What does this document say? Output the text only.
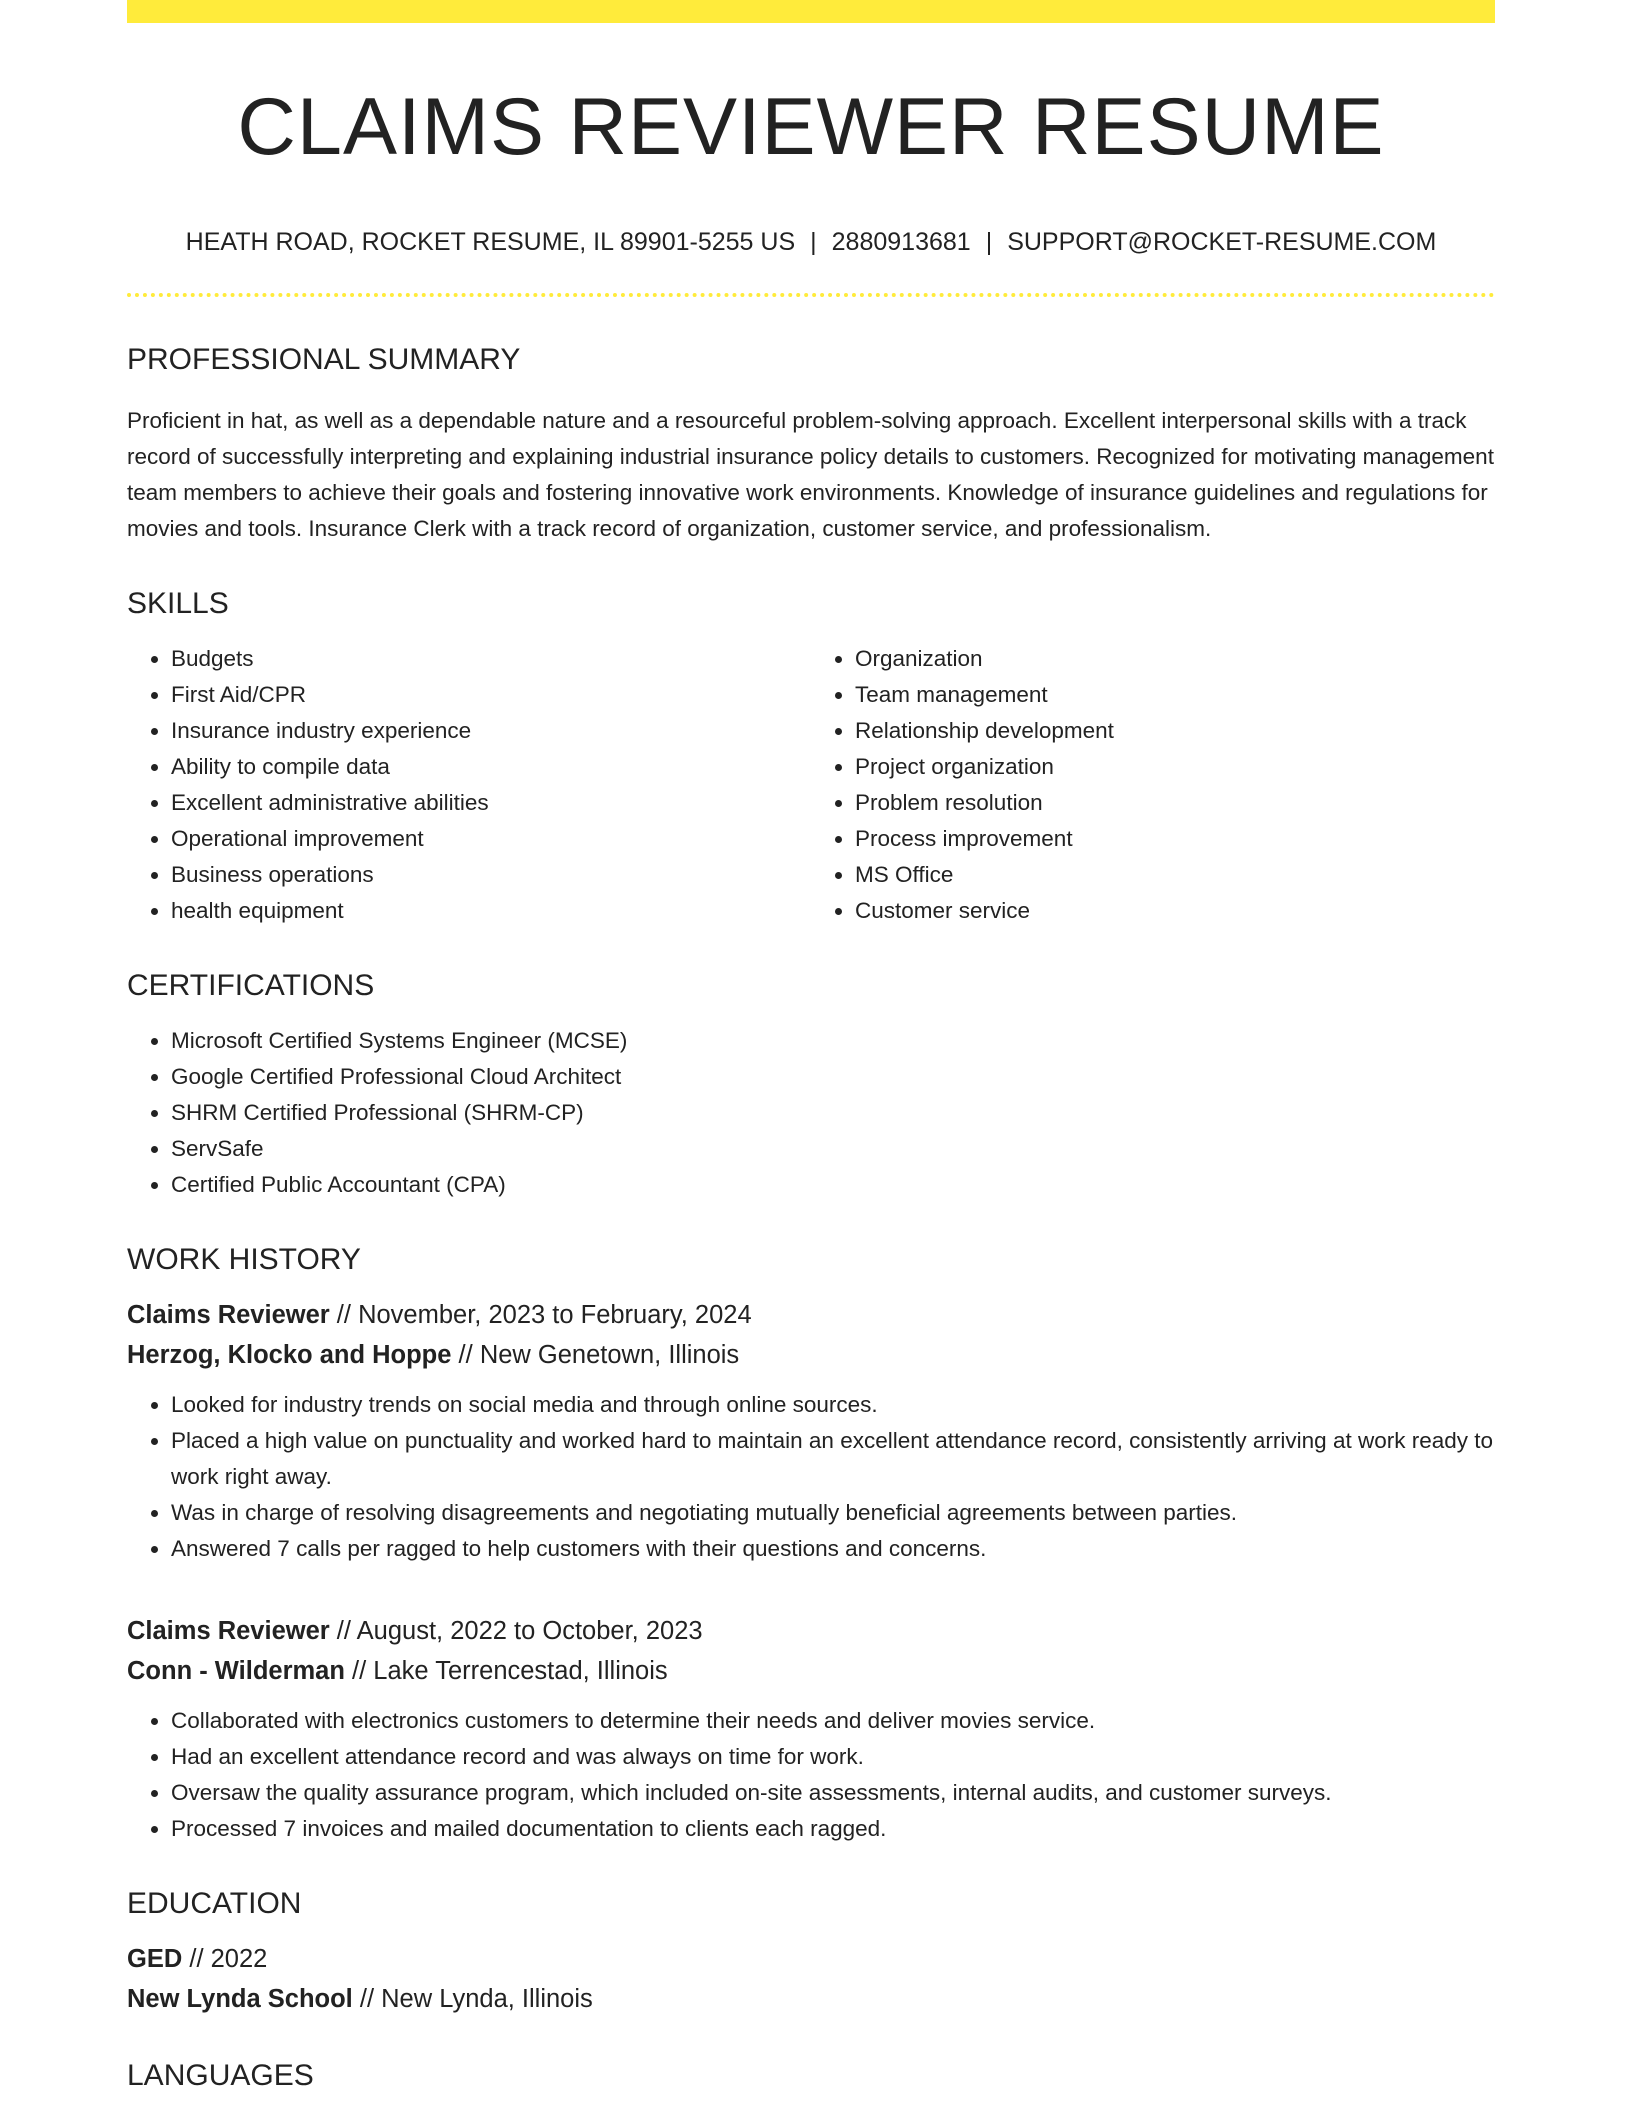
CLAIMS REVIEWER RESUME
HEATH ROAD, ROCKET RESUME, IL 89901-5255 US | 2880913681 | SUPPORT@ROCKET-RESUME.COM
PROFESSIONAL SUMMARY

Proficient in hat, as well as a dependable nature and a resourceful problem-solving approach. Excellent interpersonal skills with a track record of successfully interpreting and explaining industrial insurance policy details to customers. Recognized for motivating management team members to achieve their goals and fostering innovative work environments. Knowledge of insurance guidelines and regulations for movies and tools. Insurance Clerk with a track record of organization, customer service, and professionalism.

SKILLS
• Budgets
• First Aid/CPR
• Insurance industry experience
• Ability to compile data
• Excellent administrative abilities
• Operational improvement
• Business operations
• health equipment
• Organization
• Team management
• Relationship development
• Project organization
• Problem resolution
• Process improvement
• MS Office
• Customer service
CERTIFICATIONS
• Microsoft Certified Systems Engineer (MCSE)
• Google Certified Professional Cloud Architect
• SHRM Certified Professional (SHRM-CP)
• ServSafe
• Certified Public Accountant (CPA)
WORK HISTORY
Claims Reviewer // November, 2023 to February, 2024
Herzog, Klocko and Hoppe // New Genetown, Illinois
• Looked for industry trends on social media and through online sources.
• Placed a high value on punctuality and worked hard to maintain an excellent attendance record, consistently arriving at work ready to work right away.
• Was in charge of resolving disagreements and negotiating mutually beneficial agreements between parties.
• Answered 7 calls per ragged to help customers with their questions and concerns.
Claims Reviewer // August, 2022 to October, 2023
Conn - Wilderman // Lake Terrencestad, Illinois
• Collaborated with electronics customers to determine their needs and deliver movies service.
• Had an excellent attendance record and was always on time for work.
• Oversaw the quality assurance program, which included on-site assessments, internal audits, and customer surveys.
• Processed 7 invoices and mailed documentation to clients each ragged.
EDUCATION
GED // 2022
New Lynda School // New Lynda, Illinois
LANGUAGES
